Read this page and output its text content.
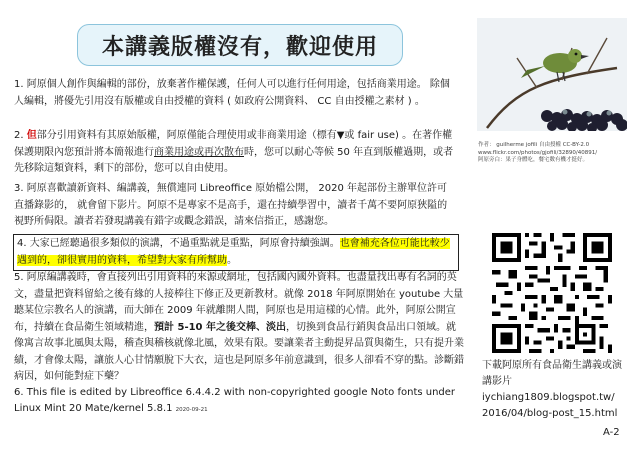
本講義版權沒有，歡迎使用

1. 阿原個人創作與編輯的部份，放棄著作權保護，任何人可以進行任何用途，包括商業用途。 除個人編輯，將優先引用沒有版權或自由授權的資料 ( 如政府公開資料、 CC 自由授權之素材 ) 。

2. 但部分引用資料有其原始版權，阿原僅能合理使用或非商業用途（標有▼或 fair use) 。在著作權保護期限內您預計將本簡報進行商業用途或再次散布時，您可以耐心等候 50 年直到版權過期，或者先移除這類資料，剩下的部份，您可以自由使用。

3. 阿原喜歡讀新資料、編講義，無償連同 Libreoffice 原始檔公開， 2020 年起部份主辦單位許可直播錄影的， 就會留下影片。阿原不是專家不是高手，還在持續學習中，讀者千萬不要阿原狹隘的視野所侷限。讀者若發現講義有錯字或觀念錯誤，請來信指正，感謝您。

4. 大家已經聽過很多類似的演講，不過重點就是重點，阿原會持續強調。也會補充各位可能比較少遇到的，卻很實用的資料，希望對大家有所幫助。

5. 阿原編講義時，會直接列出引用資料的來源或網址，包括國內國外資料。也盡量找出專有名詞的英文，盡量把資料留給之後有緣的人接棒往下修正及更新教材。就像 2018 年阿原開始在 youtube 大量聽某位宗教名人的演講，而大師在 2009 年就離開人間，阿原也是用這樣的心情。此外，阿原公開宣布，持續在食品衛生領域精進，預計 5-10 年之後交棒、淡出，切換到食品行銷與食品出口領域。就像寓言故事北風與太陽，稽查與稽核就像北風，效果有限。要讓業者主動提昇品質與衛生，只有提升業績，才會像太陽，讓旅人心甘情願脫下大衣，這也是阿原多年前意識到，很多人卻看不穿的點。診斷錯病因，如何能對症下藥？

6. This file is edited by Libreoffice 6.4.4.2 with non-copyrighted google Noto fonts under Linux Mint 20 Mate/kernel 5.8.1 2020-09-21

作者： guilherme jofili 自由授權 CC-BY-2.0
www.flickr.com/photos/gjofili/32890/40891/
阿原旁白：果子身體吃，餐宅數有機才挺好。
下載阿原所有食品衛生講義或演
講影片
iychiang1809.blogspot.tw/
2016/04/blog-post_15.html
A-2
